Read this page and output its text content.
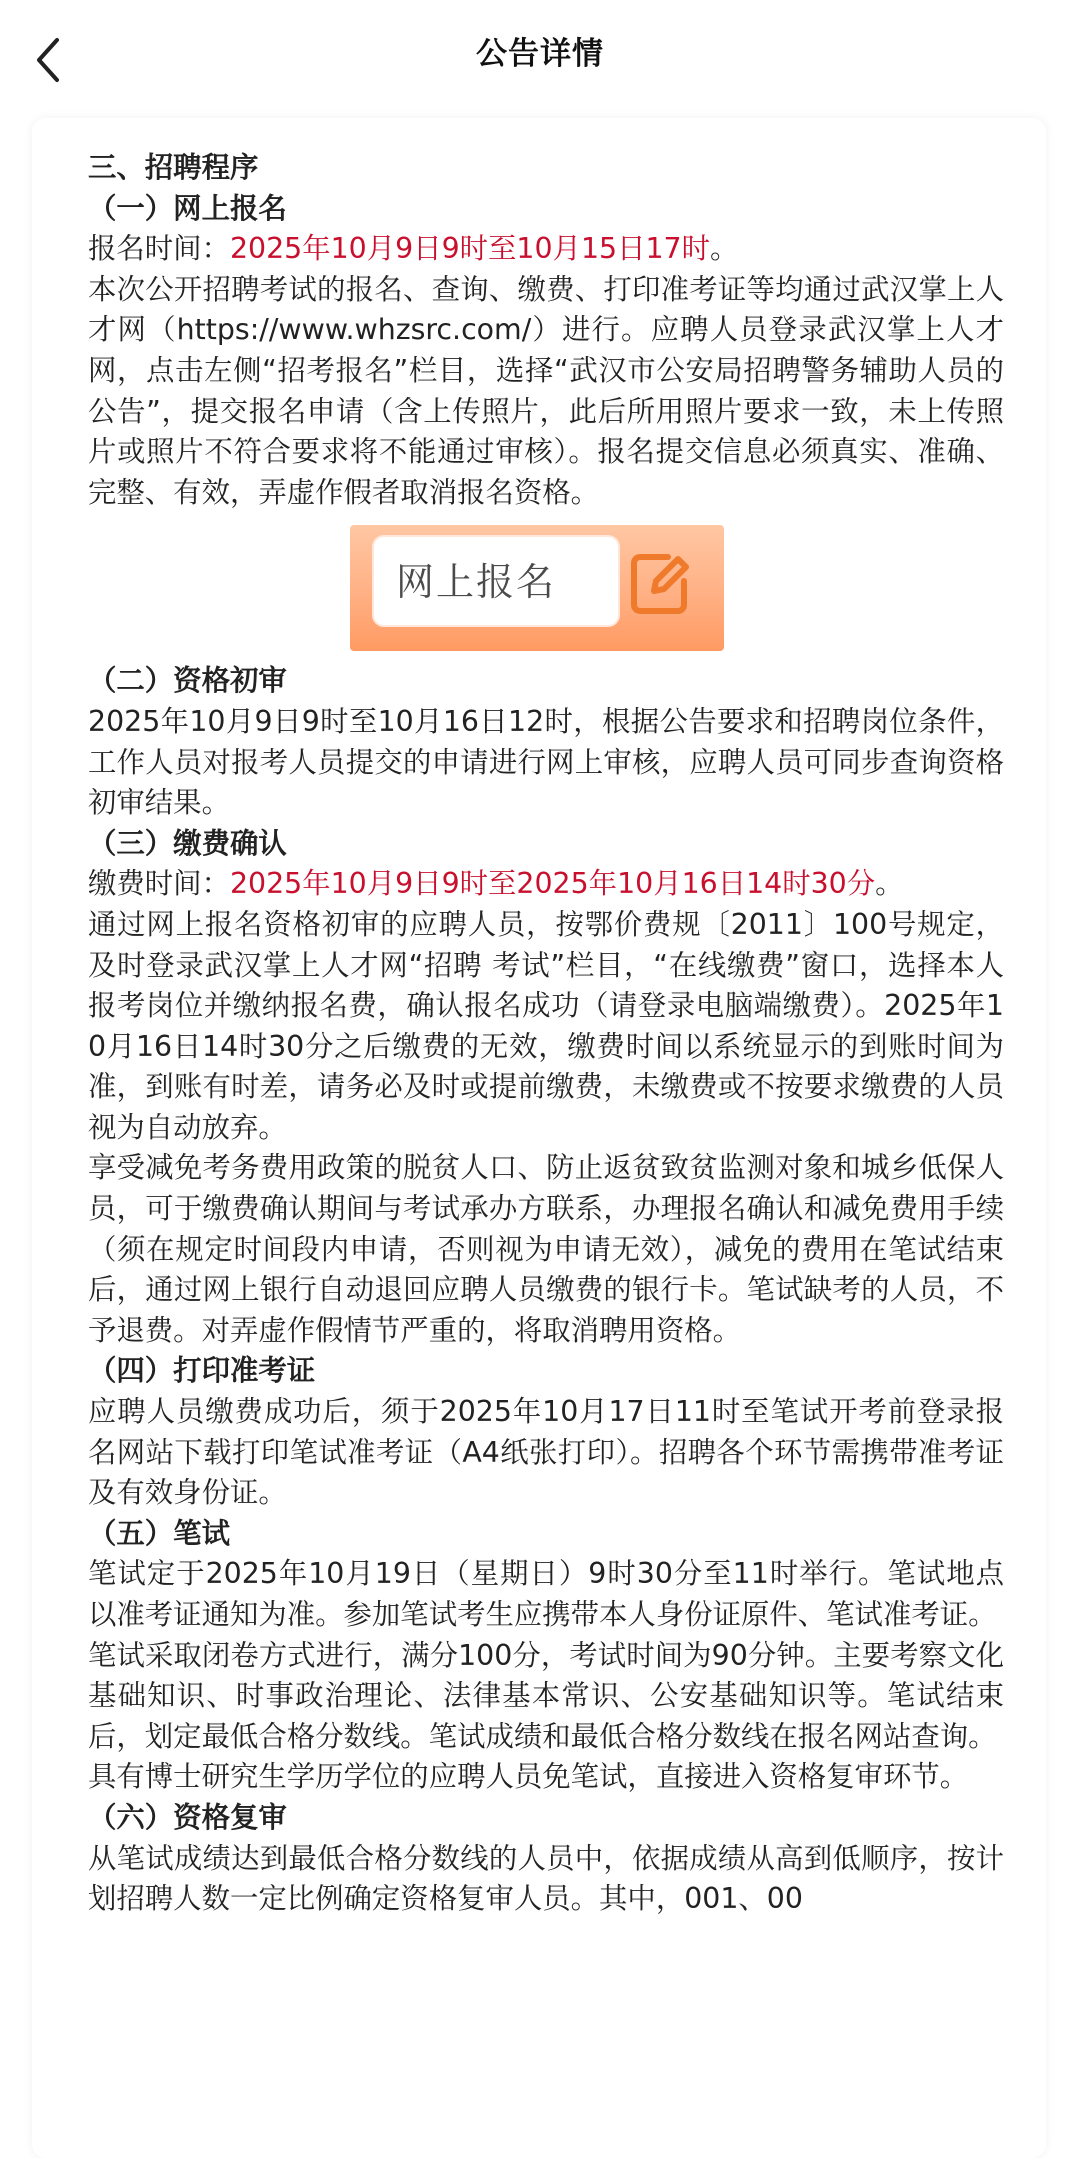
公告详情

三、招聘程序

（一）网上报名

报名时间：2025年10月9日9时至10月15日17时。

本次公开招聘考试的报名、查询、缴费、打印准考证等均通过武汉掌上人才网（https://www.whzsrc.com/）进行。应聘人员登录武汉掌上人才网，点击左侧“招考报名”栏目，选择“武汉市公安局招聘警务辅助人员的公告”，提交报名申请（含上传照片，此后所用照片要求一致，未上传照片或照片不符合要求将不能通过审核）。报名提交信息必须真实、准确、完整、有效，弄虚作假者取消报名资格。

网上报名

（二）资格初审

2025年10月9日9时至10月16日12时，根据公告要求和招聘岗位条件，工作人员对报考人员提交的申请进行网上审核，应聘人员可同步查询资格初审结果。

（三）缴费确认

缴费时间：2025年10月9日9时至2025年10月16日14时30分。

通过网上报名资格初审的应聘人员，按鄂价费规〔2011〕100号规定，及时登录武汉掌上人才网“招聘 考试”栏目，“在线缴费”窗口，选择本人报考岗位并缴纳报名费，确认报名成功（请登录电脑端缴费）。2025年10月16日14时30分之后缴费的无效，缴费时间以系统显示的到账时间为准，到账有时差，请务必及时或提前缴费，未缴费或不按要求缴费的人员视为自动放弃。

享受减免考务费用政策的脱贫人口、防止返贫致贫监测对象和城乡低保人员，可于缴费确认期间与考试承办方联系，办理报名确认和减免费用手续（须在规定时间段内申请，否则视为申请无效），减免的费用在笔试结束后，通过网上银行自动退回应聘人员缴费的银行卡。笔试缺考的人员，不予退费。对弄虚作假情节严重的，将取消聘用资格。

（四）打印准考证

应聘人员缴费成功后，须于2025年10月17日11时至笔试开考前登录报名网站下载打印笔试准考证（A4纸张打印）。招聘各个环节需携带准考证及有效身份证。

（五）笔试

笔试定于2025年10月19日（星期日）9时30分至11时举行。笔试地点以准考证通知为准。参加笔试考生应携带本人身份证原件、笔试准考证。

笔试采取闭卷方式进行，满分100分，考试时间为90分钟。主要考察文化基础知识、时事政治理论、法律基本常识、公安基础知识等。笔试结束后，划定最低合格分数线。笔试成绩和最低合格分数线在报名网站查询。

具有博士研究生学历学位的应聘人员免笔试，直接进入资格复审环节。

（六）资格复审

从笔试成绩达到最低合格分数线的人员中，依据成绩从高到低顺序，按计划招聘人数一定比例确定资格复审人员。其中，001、00
